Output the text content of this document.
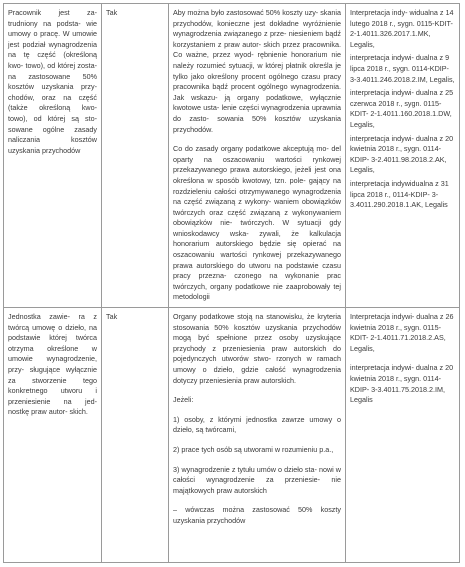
Pracownik jest za- trudniony na podsta- wie umowy o pracę. W umowie jest podział wynagrodzenia na tę część (określoną kwo- towo), od której zosta- na zastosowane 50% kosztów uzyskania przy- chodów, oraz na część (także określoną kwo- towo), od której są sto- sowane ogólne zasady naliczania kosztów uzyskania przychodów
Tak	Aby można było zastosować 50% koszty uzy- skania przychodów, konieczne jest dokładne wyróżnienie wynagrodzenia związanego z prze- niesieniem bądź korzystaniem z praw autor- skich przez pracownika. Co ważne, przez wyod- rębnienie honorarium nie należy rozumieć sytuacji, w której płatnik określa je tylko jako określony procent ogólnego czasu pracy pracownika bądź procent ogólnego wynagrodzenia. Jak wskazu- ją organy podatkowe, wyłącznie kwotowe usta- lenie części wynagrodzenia uprawnia do zasto- sowania 50% kosztów uzyskania przychodów.
Co do zasady organy podatkowe akceptują mo- del oparty na oszacowaniu wartości rynkowej przekazywanego prawa autorskiego, jeżeli jest ona określona w sposób kwotowy, tzn. pole- gający na rozdzieleniu całości otrzymywanego wynagrodzenia na część związaną z wykony- waniem obowiązków twórczych oraz część związaną z wykonywaniem obowiązków nie- twórczych. W sytuacji gdy wnioskodawcy wska- zywali, że kalkulacja honorarium autorskiego będzie się opierać na oszacowaniu wartości rynkowej przekazywanego prawa autorskiego do utworu na podstawie czasu pracy przezna- czonego na wykonanie prac twórczych, organy podatkowe nie zaaprobowały tej metodologii
Interpretacja indy- widualna z 14 lutego 2018 r., sygn. 0115-KDIT- 2-1.4011.326.2017.1.MK, Legalis,
interpretacja indywi- dualna z 9 lipca 2018 r., sygn. 0114-KDIP- 3-3.4011.246.2018.2.IM, Legalis,
interpretacja indywi- dualna z 25 czerwca 2018 r., sygn. 0115-KDIT- 2-1.4011.160.2018.1.DW, Legalis,
interpretacja indywi- dualna z 20 kwietnia 2018 r., sygn. 0114-KDIP- 3-2.4011.98.2018.2.AK, Legalis,
interpretacja indywidualna z 31 lipca 2018 r., 0114-KDIP- 3-3.4011.290.2018.1.AK, Legalis
Jednostka zawie- ra z twórcą umowę o dzieło, na podstawie której twórca otrzyma określone w umowie wynagrodzenie, przy- sługujące wyłącznie za stworzenie tego konkretnego utworu i przeniesienie na jed- nostkę praw autor- skich.
Tak	Organy podatkowe stoją na stanowisku, że kryteria stosowania 50% kosztów uzyskania przychodów mogą być spełnione przez osoby uzyskujące przychody z przeniesienia praw autorskich do pojedynczych utworów stwo- rzonych w ramach umowy o dzieło, gdzie całość wynagrodzenia dotyczy przeniesienia praw autorskich.
Jeżeli:
1) osoby, z którymi jednostka zawrze umowy o dzieło, są twórcami,
2) prace tych osób są utworami w rozumieniu p.a.,
3) wynagrodzenie z tytułu umów o dzieło sta- nowi w całości wynagrodzenie za przeniesie- nie majątkowych praw autorskich
– wówczas można zastosować 50% koszty uzyskania przychodów
Interpretacja indywi- dualna z 26 kwietnia 2018 r., sygn. 0115-KDIT- 2-1.4011.71.2018.2.AS, Legalis,
interpretacja indywi- dualna z 20 kwietnia 2018 r., sygn. 0114-KDIP- 3-3.4011.75.2018.2.IM, Legalis
